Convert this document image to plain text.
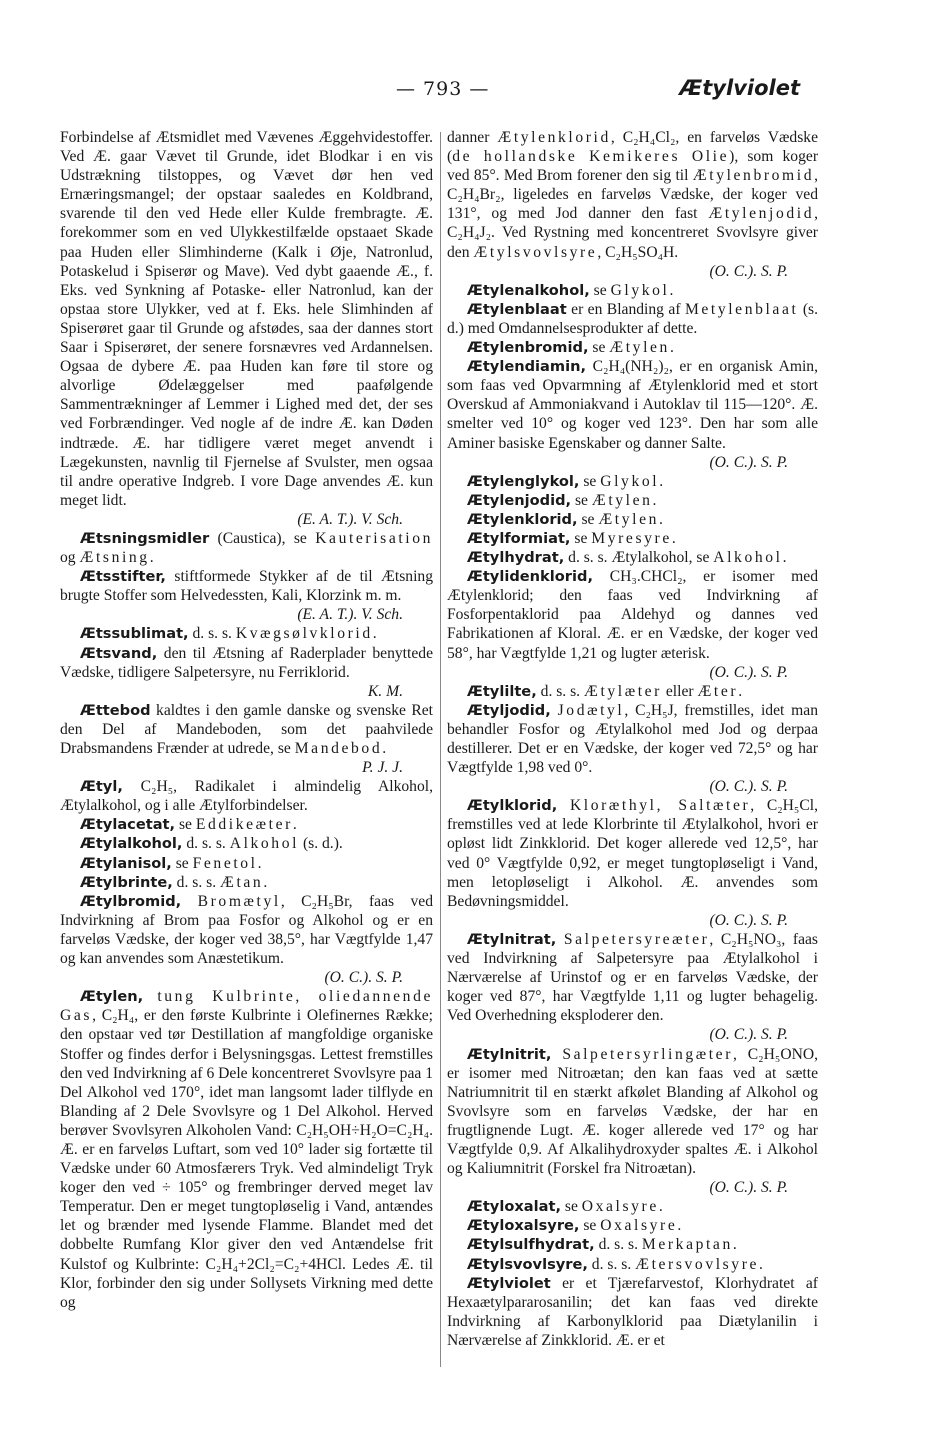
— 793 —	Ætylviolet

Forbindelse af Ætsmidlet med Vævenes Æggehvidestoffer. Ved Æ. gaar Vævet til Grunde, idet Blodkar i en vis Udstrækning tilstoppes, og Vævet dør hen ved Ernæringsmangel; der opstaar saaledes en Koldbrand, svarende til den ved Hede eller Kulde frembragte. Æ. forekommer som en ved Ulykkestilfælde opstaaet Skade paa Huden eller Slimhinderne (Kalk i Øje, Natronlud, Potaskelud i Spiserør og Mave). Ved dybt gaaende Æ., f. Eks. ved Synkning af Potaske- eller Natronlud, kan der opstaa store Ulykker, ved at f. Eks. hele Slimhinden af Spiserøret gaar til Grunde og afstødes, saa der dannes stort Saar i Spiserøret, der senere forsnævres ved Ardannelsen. Ogsaa de dybere Æ. paa Huden kan føre til store og alvorlige Ødelæggelser med paafølgende Sammentrækninger af Lemmer i Lighed med det, der ses ved Forbrændinger. Ved nogle af de indre Æ. kan Døden indtræde. Æ. har tidligere været meget anvendt i Lægekunsten, navnlig til Fjernelse af Svulster, men ogsaa til andre operative Indgreb. I vore Dage anvendes Æ. kun meget lidt.
(E. A. T.). V. Sch.

Ætsningsmidler (Caustica), se Kauterisation og Ætsning.

Ætsstifter, stiftformede Stykker af de til Ætsning brugte Stoffer som Helvedessten, Kali, Klorzink m. m.
(E. A. T.). V. Sch.

Ætssublimat, d. s. s. Kvægsølvklorid.

Ætsvand, den til Ætsning af Raderplader benyttede Vædske, tidligere Salpetersyre, nu Ferriklorid.
K. M.

Ættebod kaldtes i den gamle danske og svenske Ret den Del af Mandeboden, som det paahvilede Drabsmandens Frænder at udrede, se Mandebod.
P. J. J.

Ætyl, C₂H₅, Radikalet i almindelig Alkohol, Ætylalkohol, og i alle Ætylforbindelser.

Ætylacetat, se Eddikeæter.

Ætylalkohol, d. s. s. Alkohol (s. d.).

Ætylanisol, se Fenetol.

Ætylbrinte, d. s. s. Ætan.

Ætylbromid, Bromætyl, C₂H₅Br, faas ved Indvirkning af Brom paa Fosfor og Alkohol og er en farveløs Vædske, der koger ved 38,5°, har Vægtfylde 1,47 og kan anvendes som Anæstetikum.
(O. C.). S. P.

Ætylen, tung Kulbrinte, oliedannende Gas, C₂H₄, er den første Kulbrinte i Olefinernes Række; den opstaar ved tør Destillation af mangfoldige organiske Stoffer og findes derfor i Belysningsgas. Lettest fremstilles den ved Indvirkning af 6 Dele koncentreret Svovlsyre paa 1 Del Alkohol ved 170°, idet man langsomt lader tilflyde en Blanding af 2 Dele Svovlsyre og 1 Del Alkohol. Herved berøver Svovlsyren Alkoholen Vand: C₂H₅OH÷H₂O=C₂H₄. Æ. er en farveløs Luftart, som ved 10° lader sig fortætte til Vædske under 60 Atmosfærers Tryk. Ved almindeligt Tryk koger den ved ÷ 105° og frembringer derved meget lav Temperatur. Den er meget tungtopløselig i Vand, antændes let og brænder med lysende Flamme. Blandet med det dobbelte Rumfang Klor giver den ved Antændelse frit Kulstof og Kulbrinte: C₂H₄+2Cl₂=C₂+4HCl. Ledes Æ. til Klor, forbinder den sig under Sollysets Virkning med dette og

danner Ætylenklorid, C₂H₄Cl₂, en farveløs Vædske (de hollandske Kemikeres Olie), som koger ved 85°. Med Brom forener den sig til Ætylenbromid, C₂H₄Br₂, ligeledes en farveløs Vædske, der koger ved 131°, og med Jod danner den fast Ætylenjodid, C₂H₄J₂. Ved Rystning med koncentreret Svovlsyre giver den Ætylsvovlsyre, C₂H₅SO₄H.
(O. C.). S. P.

Ætylenalkohol, se Glykol.

Ætylenblaat er en Blanding af Metylenblaat (s. d.) med Omdannelsesprodukter af dette.

Ætylenbromid, se Ætylen.

Ætylendiamin, C₂H₄(NH₂)₂, er en organisk Amin, som faas ved Opvarmning af Ætylenklorid med et stort Overskud af Ammoniakvand i Autoklav til 115—120°. Æ. smelter ved 10° og koger ved 123°. Den har som alle Aminer basiske Egenskaber og danner Salte.
(O. C.). S. P.

Ætylenglykol, se Glykol.

Ætylenjodid, se Ætylen.

Ætylenklorid, se Ætylen.

Ætylformiat, se Myresyre.

Ætylhydrat, d. s. s. Ætylalkohol, se Alkohol.

Ætylidenklorid, CH₃.CHCl₂, er isomer med Ætylenklorid; den faas ved Indvirkning af Fosforpentaklorid paa Aldehyd og dannes ved Fabrikationen af Kloral. Æ. er en Vædske, der koger ved 58°, har Vægtfylde 1,21 og lugter æterisk.
(O. C.). S. P.

Ætylilte, d. s. s. Ætylæter eller Æter.

Ætyljodid, Jodætyl, C₂H₅J, fremstilles, idet man behandler Fosfor og Ætylalkohol med Jod og derpaa destillerer. Det er en Vædske, der koger ved 72,5° og har Vægtfylde 1,98 ved 0°.
(O. C.). S. P.

Ætylklorid, Kloræthyl, Saltæter, C₂H₅Cl, fremstilles ved at lede Klorbrinte til Ætylalkohol, hvori er opløst lidt Zinkklorid. Det koger allerede ved 12,5°, har ved 0° Vægtfylde 0,92, er meget tungtopløseligt i Vand, men letopløseligt i Alkohol. Æ. anvendes som Bedøvningsmiddel.
(O. C.). S. P.

Ætylnitrat, Salpetersyreæter, C₂H₅NO₃, faas ved Indvirkning af Salpetersyre paa Ætylalkohol i Nærværelse af Urinstof og er en farveløs Vædske, der koger ved 87°, har Vægtfylde 1,11 og lugter behagelig. Ved Overhedning eksploderer den.
(O. C.). S. P.

Ætylnitrit, Salpetersyrlingæter, C₂H₅ONO, er isomer med Nitroætan; den kan faas ved at sætte Natriumnitrit til en stærkt afkølet Blanding af Alkohol og Svovlsyre som en farveløs Vædske, der har en frugtlignende Lugt. Æ. koger allerede ved 17° og har Vægtfylde 0,9. Af Alkalihydroxyder spaltes Æ. i Alkohol og Kaliumnitrit (Forskel fra Nitroætan).
(O. C.). S. P.

Ætyloxalat, se Oxalsyre.

Ætyloxalsyre, se Oxalsyre.

Ætylsulfhydrat, d. s. s. Merkaptan.

Ætylsvovlsyre, d. s. s. Ætersvovlsyre.

Ætylviolet er et Tjærefarvestof, Klorhydratet af Hexaætylpararosanilin; det kan faas ved direkte Indvirkning af Karbonylklorid paa Diætylanilin i Nærværelse af Zinkklorid. Æ. er et
